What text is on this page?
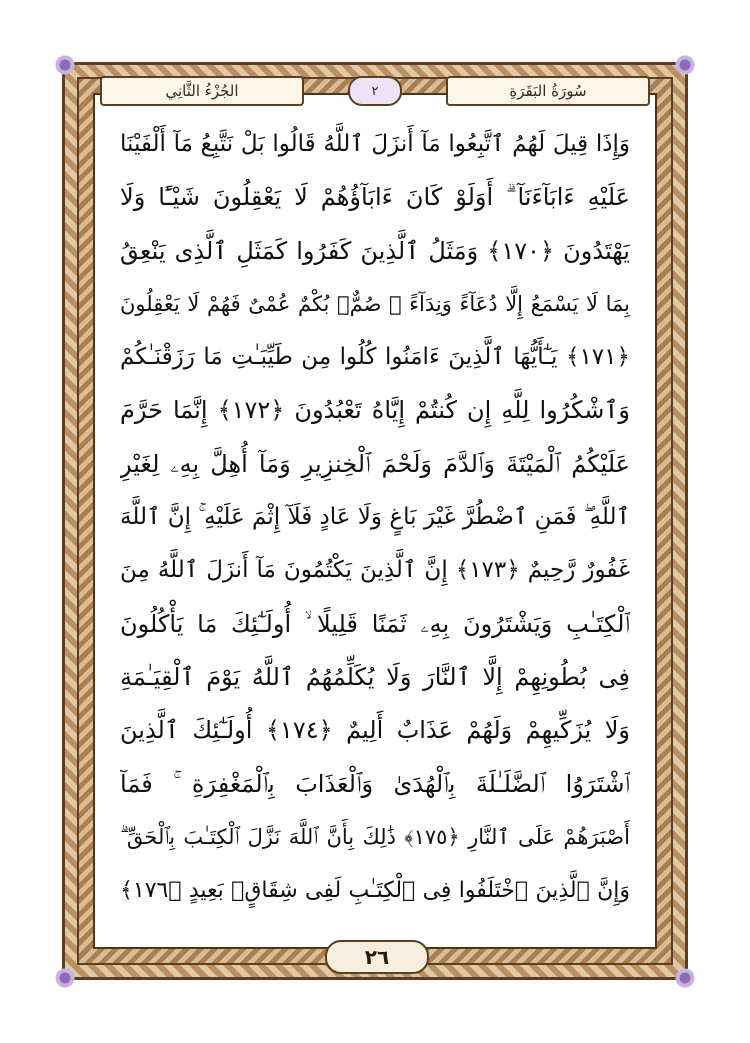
سُورَةُ البَقَرَةِ
٢
الجُزْءُ الثَّانِي
وَإِذَا قِيلَ لَهُمُ ٱتَّبِعُوا مَآ أَنزَلَ ٱللَّهُ قَالُوا بَلْ نَتَّبِعُ مَآ أَلْفَيْنَا
عَلَيْهِ ءَابَآءَنَآ ۗ أَوَلَوْ كَانَ ءَابَآؤُهُمْ لَا يَعْقِلُونَ شَيْـًٔا وَلَا
يَهْتَدُونَ ﴿١٧٠﴾ وَمَثَلُ ٱلَّذِينَ كَفَرُوا كَمَثَلِ ٱلَّذِى يَنْعِقُ
بِمَا لَا يَسْمَعُ إِلَّا دُعَآءً وَنِدَآءً ۚ صُمٌّۢ بُكْمٌ عُمْىٌ فَهُمْ لَا يَعْقِلُونَ
﴿١٧١﴾ يَـٰٓأَيُّهَا ٱلَّذِينَ ءَامَنُوا كُلُوا مِن طَيِّبَـٰتِ مَا رَزَقْنَـٰكُمْ
وَٱشْكُرُوا لِلَّهِ إِن كُنتُمْ إِيَّاهُ تَعْبُدُونَ ﴿١٧٢﴾ إِنَّمَا حَرَّمَ
عَلَيْكُمُ ٱلْمَيْتَةَ وَٱلدَّمَ وَلَحْمَ ٱلْخِنزِيرِ وَمَآ أُهِلَّ بِهِۦ لِغَيْرِ
ٱللَّهِ ۖ فَمَنِ ٱضْطُرَّ غَيْرَ بَاغٍ وَلَا عَادٍ فَلَآ إِثْمَ عَلَيْهِ ۚ إِنَّ ٱللَّهَ
غَفُورٌ رَّحِيمٌ ﴿١٧٣﴾ إِنَّ ٱلَّذِينَ يَكْتُمُونَ مَآ أَنزَلَ ٱللَّهُ مِنَ
ٱلْكِتَـٰبِ وَيَشْتَرُونَ بِهِۦ ثَمَنًا قَلِيلًا ۙ أُولَـٰٓئِكَ مَا يَأْكُلُونَ
فِى بُطُونِهِمْ إِلَّا ٱلنَّارَ وَلَا يُكَلِّمُهُمُ ٱللَّهُ يَوْمَ ٱلْقِيَـٰمَةِ
وَلَا يُزَكِّيهِمْ وَلَهُمْ عَذَابٌ أَلِيمٌ ﴿١٧٤﴾ أُولَـٰٓئِكَ ٱلَّذِينَ
ٱشْتَرَوُا ٱلضَّلَـٰلَةَ بِٱلْهُدَىٰ وَٱلْعَذَابَ بِٱلْمَغْفِرَةِ ۚ فَمَآ
أَصْبَرَهُمْ عَلَى ٱلنَّارِ ﴿١٧٥﴾ ذَٰلِكَ بِأَنَّ ٱللَّهَ نَزَّلَ ٱلْكِتَـٰبَ بِٱلْحَقِّ ۗ
وَإِنَّ ٱلَّذِينَ ٱخْتَلَفُوا فِى ٱلْكِتَـٰبِ لَفِى شِقَاقٍۭ بَعِيدٍ ﴿١٧٦﴾
٢٦
